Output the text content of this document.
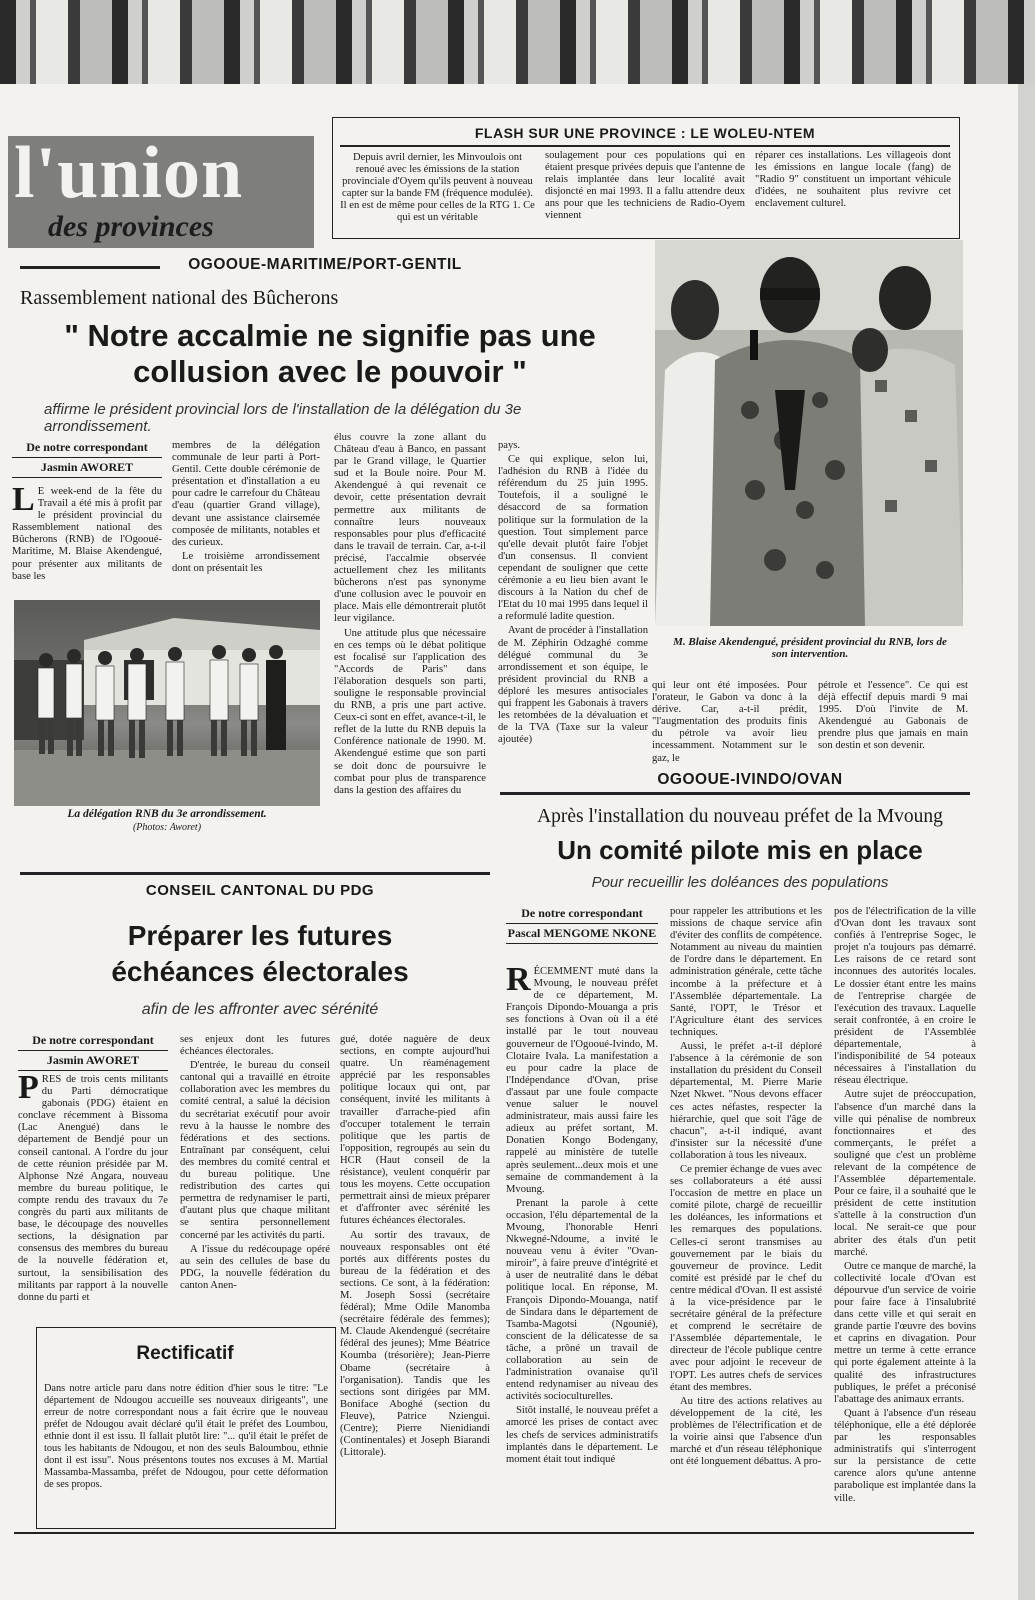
l'union
des provinces
FLASH SUR UNE PROVINCE : LE WOLEU-NTEM
Depuis avril dernier, les Minvoulois ont renoué avec les émissions de la station provinciale d'Oyem qu'ils peuvent à nouveau capter sur la bande FM (fréquence modulée). Il en est de même pour celles de la RTG 1. Ce qui est un véritable
soulagement pour ces populations qui en étaient presque privées depuis que l'antenne de relais implantée dans leur localité avait disjoncté en mai 1993. Il a fallu attendre deux ans pour que les techniciens de Radio-Oyem viennent
réparer ces installations. Les villageois dont les émissions en langue locale (fang) de "Radio 9" constituent un important véhicule d'idées, ne souhaitent plus revivre cet enclavement culturel.
OGOOUE-MARITIME/PORT-GENTIL
Rassemblement national des Bûcherons
" Notre accalmie ne signifie pas une collusion avec le pouvoir "
affirme le président provincial lors de l'installation de la délégation du 3e arrondissement.
De notre correspondant
Jasmin AWORET
LE week-end de la fête du Travail a été mis à profit par le président provincial du Rassemblement national des Bûcherons (RNB) de l'Ogooué-Maritime, M. Blaise Akendengué, pour présenter aux militants de base les

membres de la délégation communale de leur parti à Port-Gentil. Cette double cérémonie de présentation et d'installation a eu pour cadre le carrefour du Château d'eau (quartier Grand village), devant une assistance clairsemée composée de militants, notables et des curieux.

Le troisième arrondissement dont on présentait les

élus couvre la zone allant du Château d'eau à Banco, en passant par le Grand village, le Quartier sud et la Boule noire. Pour M. Akendengué à qui revenait ce devoir, cette présentation devrait permettre aux militants de connaître leurs nouveaux responsables pour plus d'efficacité dans le travail de terrain. Car, a-t-il précisé, l'accalmie observée actuellement chez les militants bûcherons n'est pas synonyme d'une collusion avec le pouvoir en place. Mais elle démontrerait plutôt leur vigilance.

Une attitude plus que nécessaire en ces temps où le débat politique est focalisé sur l'application des "Accords de Paris" dans l'élaboration desquels son parti, souligne le responsable provincial du RNB, a pris une part active. Ceux-ci sont en effet, avance-t-il, le reflet de la lutte du RNB depuis la Conférence nationale de 1990. M. Akendengué estime que son parti se doit donc de poursuivre le combat pour plus de transparence dans la gestion des affaires du

pays.

Ce qui explique, selon lui, l'adhésion du RNB à l'idée du référendum du 25 juin 1995. Toutefois, il a souligné le désaccord de sa formation politique sur la formulation de la question. Tout simplement parce qu'elle devait plutôt faire l'objet d'un consensus. Il convient cependant de souligner que cette cérémonie a eu lieu bien avant le discours à la Nation du chef de l'Etat du 10 mai 1995 dans lequel il a reformulé ladite question.

Avant de procéder à l'installation de M. Zéphirin Odzaghé comme délégué communal du 3e arrondissement et son équipe, le président provincial du RNB a déploré les mesures antisociales qui frappent les Gabonais à travers les retombées de la dévaluation et de la TVA (Taxe sur la valeur ajoutée)

qui leur ont été imposées. Pour l'orateur, le Gabon va donc à la dérive. Car, a-t-il prédit, "l'augmentation des produits finis du pétrole va avoir lieu incessamment. Notamment sur le gaz, le
pétrole et l'essence". Ce qui est déjà effectif depuis mardi 9 mai 1995. D'où l'invite de M. Akendengué au Gabonais de prendre plus que jamais en main son destin et son devenir.
La délégation RNB du 3e arrondissement.
(Photos: Aworet)
M. Blaise Akendengué, président provincial du RNB, lors de son intervention.
OGOOUE-IVINDO/OVAN
Après l'installation du nouveau préfet de la Mvoung
Un comité pilote mis en place
Pour recueillir les doléances des populations
De notre correspondant
Pascal MENGOME NKONE

RÉCEMMENT muté dans la Mvoung, le nouveau préfet de ce département, M. François Dipondo-Mouanga a pris ses fonctions à Ovan où il a été installé par le tout nouveau gouverneur de l'Ogooué-Ivindo, M. Clotaire Ivala. La manifestation a eu pour cadre la place de l'Indépendance d'Ovan, prise d'assaut par une foule compacte venue saluer le nouvel administrateur, mais aussi faire les adieux au préfet sortant, M. Donatien Kongo Bodengany, rappelé au ministère de tutelle après seulement...deux mois et une semaine de commandement à la Mvoung.

Prenant la parole à cette occasion, l'élu départemental de la Mvoung, l'honorable Henri Nkwegné-Ndoume, a invité le nouveau venu à éviter "Ovan-miroir", à faire preuve d'intégrité et à user de neutralité dans le débat politique local. En réponse, M. François Dipondo-Mouanga, natif de Sindara dans le département de Tsamba-Magotsi (Ngounié), conscient de la délicatesse de sa tâche, a prôné un travail de collaboration au sein de l'administration ovanaise qu'il entend redynamiser au niveau des activités socioculturelles.

Sitôt installé, le nouveau préfet a amorcé les prises de contact avec les chefs de services administratifs implantés dans le département. Le moment était tout indiqué

pour rappeler les attributions et les missions de chaque service afin d'éviter des conflits de compétence. Notamment au niveau du maintien de l'ordre dans le département. En administration générale, cette tâche incombe à la préfecture et à l'Assemblée départementale. La Santé, l'OPT, le Trésor et l'Agriculture étant des services techniques.

Aussi, le préfet a-t-il déploré l'absence à la cérémonie de son installation du président du Conseil départemental, M. Pierre Marie Nzet Nkwet. "Nous devons effacer ces actes néfastes, respecter la hiérarchie, quel que soit l'âge de chacun", a-t-il indiqué, avant d'insister sur la nécessité d'une collaboration à tous les niveaux.

Ce premier échange de vues avec ses collaborateurs a été aussi l'occasion de mettre en place un comité pilote, chargé de recueillir les doléances, les informations et les remarques des populations. Celles-ci seront transmises au gouvernement par le biais du gouverneur de province. Ledit comité est présidé par le chef du centre médical d'Ovan. Il est assisté à la vice-présidence par le secrétaire général de la préfecture et comprend le secrétaire de l'Assemblée départementale, le directeur de l'école publique centre avec pour adjoint le receveur de l'OPT. Les autres chefs de services étant des membres.

Au titre des actions relatives au développement de la cité, les problèmes de l'électrification et de la voirie ainsi que l'absence d'un marché et d'un réseau téléphonique ont été longuement débattus. A pro-

pos de l'électrification de la ville d'Ovan dont les travaux sont confiés à l'entreprise Sogec, le projet n'a toujours pas démarré. Les raisons de ce retard sont inconnues des autorités locales. Le dossier étant entre les mains de l'entreprise chargée de l'exécution des travaux. Laquelle serait confrontée, à en croire le président de l'Assemblée départementale, à l'indisponibilité de 54 poteaux nécessaires à l'installation du réseau électrique.

Autre sujet de préoccupation, l'absence d'un marché dans la ville qui pénalise de nombreux fonctionnaires et des commerçants, le préfet a souligné que c'est un problème relevant de la compétence de l'Assemblée départementale. Pour ce faire, il a souhaité que le président de cette institution s'attelle à la construction d'un local. Ne serait-ce que pour abriter des étals d'un petit marché.

Outre ce manque de marché, la collectivité locale d'Ovan est dépourvue d'un service de voirie pour faire face à l'insalubrité dans cette ville et qui serait en grande partie l'œuvre des bovins et caprins en divagation. Pour mettre un terme à cette errance qui porte également atteinte à la qualité des infrastructures publiques, le préfet a préconisé l'abattage des animaux errants.

Quant à l'absence d'un réseau téléphonique, elle a été déplorée par les responsables administratifs qui s'interrogent sur la persistance de cette carence alors qu'une antenne parabolique est implantée dans la ville.

CONSEIL CANTONAL DU PDG
Préparer les futures échéances électorales
afin de les affronter avec sérénité
De notre correspondant
Jasmin AWORET
PRES de trois cents militants du Parti démocratique gabonais (PDG) étaient en conclave récemment à Bissoma (Lac Anengué) dans le département de Bendjé pour un conseil cantonal. A l'ordre du jour de cette réunion présidée par M. Alphonse Nzé Angara, nouveau membre du bureau politique, le compte rendu des travaux du 7e congrès du parti aux militants de base, le découpage des nouvelles sections, la désignation par consensus des membres du bureau de la nouvelle fédération et, surtout, la sensibilisation des militants par rapport à la nouvelle donne du parti et

ses enjeux dont les futures échéances électorales.

D'entrée, le bureau du conseil cantonal qui a travaillé en étroite collaboration avec les membres du comité central, a salué la décision du secrétariat exécutif pour avoir revu à la hausse le nombre des fédérations et des sections. Entraînant par conséquent, celui des membres du comité central et du bureau politique. Une redistribution des cartes qui permettra de redynamiser le parti, d'autant plus que chaque militant se sentira personnellement concerné par les activités du parti.

A l'issue du redécoupage opéré au sein des cellules de base du PDG, la nouvelle fédération du canton Anen-

gué, dotée naguère de deux sections, en compte aujourd'hui quatre. Un réaménagement apprécié par les responsables politique locaux qui ont, par conséquent, invité les militants à travailler d'arrache-pied afin d'occuper totalement le terrain politique que les partis de l'opposition, regroupés au sein du HCR (Haut conseil de la résistance), veulent conquérir par tous les moyens. Cette occupation permettrait ainsi de mieux préparer et d'affronter avec sérénité les futures échéances électorales.

Au sortir des travaux, de nouveaux responsables ont été portés aux différents postes du bureau de la fédération et des sections. Ce sont, à la fédération: M. Joseph Sossi (secrétaire fédéral); Mme Odile Manomba (secrétaire fédérale des femmes); M. Claude Akendengué (secrétaire fédéral des jeunes); Mme Béatrice Koumba (trésorière); Jean-Pierre Obame (secrétaire à l'organisation). Tandis que les sections sont dirigées par MM. Boniface Aboghé (section du Fleuve), Patrice Nziengui. (Centre); Pierre Nienidiandi (Continentales) et Joseph Biarandi (Littorale).

Rectificatif
Dans notre article paru dans notre édition d'hier sous le titre: "Le département de Ndougou accueille ses nouveaux dirigeants", une erreur de notre correspondant nous a fait écrire que le nouveau préfet de Ndougou avait déclaré qu'il était le préfet des Loumbou, ethnie dont il est issu. Il fallait plutôt lire: "... qu'il était le préfet de tous les habitants de Ndougou, et non des seuls Baloumbou, ethnie dont il est issu". Nous présentons toutes nos excuses à M. Martial Massamba-Massamba, préfet de Ndougou, pour cette déformation de ses propos.
